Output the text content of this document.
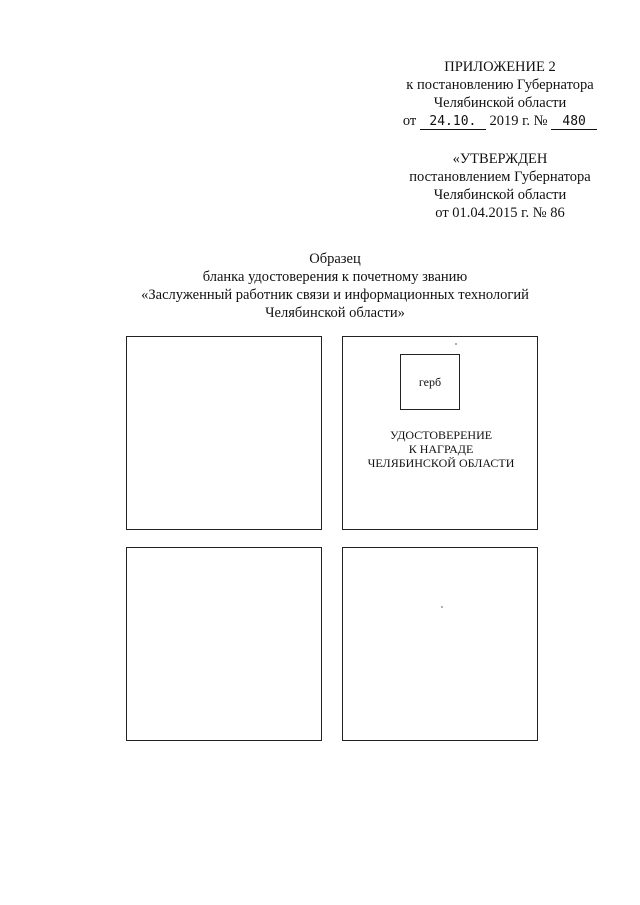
ПРИЛОЖЕНИЕ 2
к постановлению Губернатора
Челябинской области
от 24.10. 2019 г. № 480
«УТВЕРЖДЕН
постановлением Губернатора
Челябинской области
от 01.04.2015 г. № 86
Образец
бланка удостоверения к почетному званию
«Заслуженный работник связи и информационных технологий
Челябинской области»
герб
УДОСТОВЕРЕНИЕ
К НАГРАДЕ
ЧЕЛЯБИНСКОЙ ОБЛАСТИ
